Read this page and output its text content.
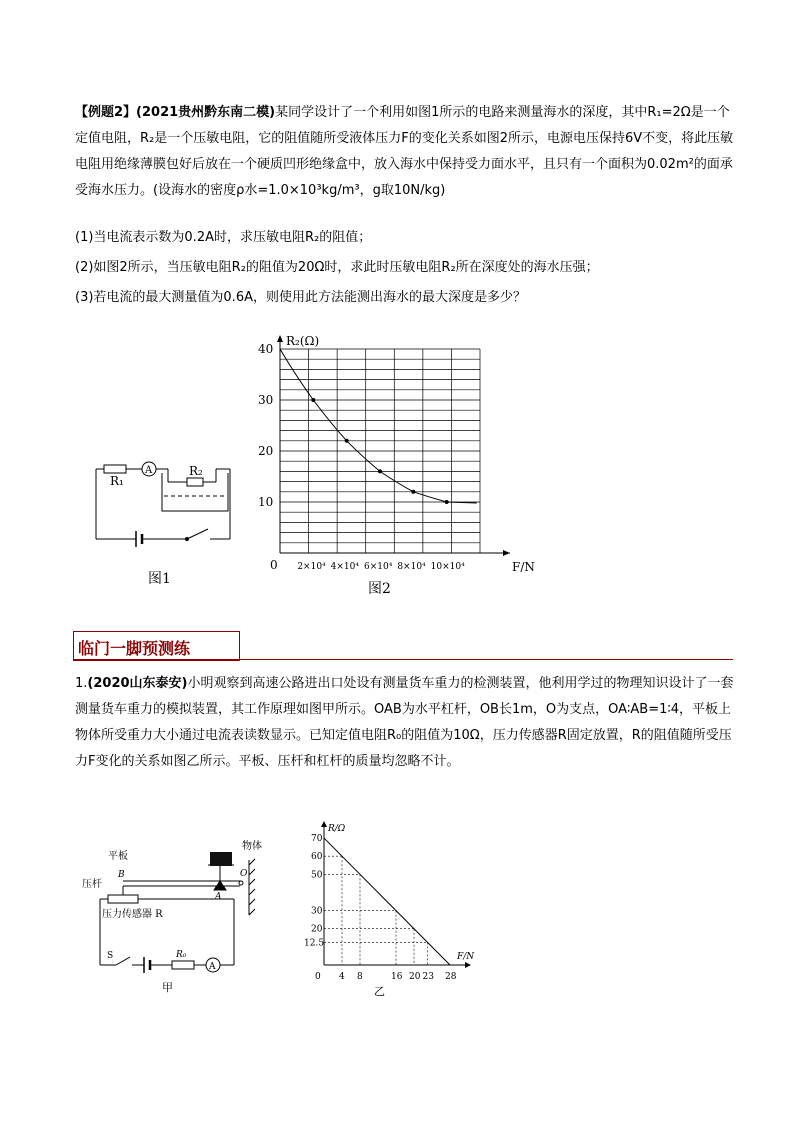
【例题2】(2021贵州黔东南二模)某同学设计了一个利用如图1所示的电路来测量海水的深度，其中R₁=2Ω是一个定值电阻，R₂是一个压敏电阻，它的阻值随所受液体压力F的变化关系如图2所示，电源电压保持6V不变，将此压敏电阻用绝缘薄膜包好后放在一个硬质凹形绝缘盒中，放入海水中保持受力面水平，且只有一个面积为0.02m²的面承受海水压力。(设海水的密度ρ水=1.0×10³kg/m³，g取10N/kg)
(1)当电流表示数为0.2A时，求压敏电阻R₂的阻值；
(2)如图2所示，当压敏电阻R₂的阻值为20Ω时，求此时压敏电阻R₂所在深度处的海水压强；
(3)若电流的最大测量值为0.6A，则使用此方法能测出海水的最大深度是多少？
R₁
A	R₂
图1
R₂(Ω)
F/N
0
40
30
20
10
2×10⁴ 4×10⁴ 6×10⁴ 8×10⁴ 10×10⁴
图2
临门一脚预测练
1.(2020山东泰安)小明观察到高速公路进出口处设有测量货车重力的检测装置，他利用学过的物理知识设计了一套测量货车重力的模拟装置，其工作原理如图甲所示。OAB为水平杠杆，OB长1m，O为支点，OA∶AB=1∶4，平板上物体所受重力大小通过电流表读数显示。已知定值电阻R₀的阻值为10Ω，压力传感器R固定放置，R的阻值随所受压力F变化的关系如图乙所示。平板、压杆和杠杆的质量均忽略不计。
平板
物体
压杆
压力传感器 R
B
A
O
S	R₀
A
甲
R/Ω
F/N
0
70
60
50
30
20
12.5
4 8	16 20 23 28
乙
